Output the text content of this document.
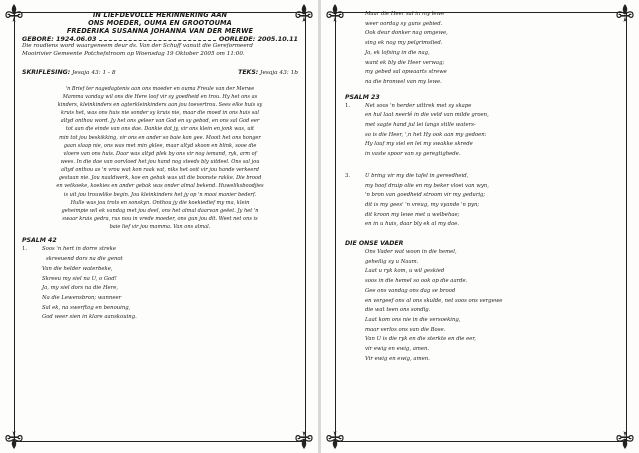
IN LIEFDEVOLLE HERINNERING AAN
ONS MOEDER, OUMA EN GROOTOUMA
FREDERIKA SUSANNA JOHANNA VAN DER MERWE
GEBORE: 1924.06.03	OORLEDE: 2005.10.11
Die roudiens word waargeneem deur ds. Van der Schuff vanuit die Gereformeerd
Mooirivier Gemeente Potchefstroom op Woensdag 19 Oktober 2005 om 11:00.
SKRIFLESING: Jesaja 43: 1 - 8	TEKS: Jesaja 43: 1b

'n Brief ter nagedagtenis aan ons moeder en ouma Freule van der Merwe

Mamma vandag wil ons die Here loof vir sy goedheid en trou. Hy het ons as

kinders, kleinkinders en agterkleinkinders aan jou toevertrou. Sees elke huis sy

kruis het, was ons huis nie sonder sy kruis nie, maar die moed in ons huis sal

altyd onthou word. Jy het ons geleer van God en sy gebod, en ons sal God eer

tot aan die einde van ons dae. Dankie dat jy, vir ons klein en jonk was, uit

min tot jou beskikking, vir ons en ander so baie kon gee. Mooit het ons honger

gaan slaap nie, ons was met min gklee, maar altyd skoon en blink, sooe die

vloere van ons huis. Daar was altyd plek by ons vir nog iemand, ryk, arm of

wees. In die dae van oorvloed het jou hand nog steeds bly uitdeel. Ons sal jou

altyd onthou as 'n vrou wat kon raak vat, niks het ooit vir jou hande verkeerd

gestaan nie. Jou naaldwerk, koe en gebak was uit die boonste rakke. Die brood

en vetkoeke, koekies en ander gebak was onder almal bekend. Huweliksboodjies

is uit jou trouwlike begin. Jou kleinkinders het jy op 'n mooi manier bederf.

Hulle was jou trots en sonskyn. Onthou jy die koekiedief my ma, klein

geheimpie wil ek vandag met jou deel, ons het almal daarvan geëet. Jy het 'n

swaar kruis gedra, rus nou in vrede moeder, ons gun jou dit. Weet net ons is

baie lief vir jou mamma. Van ons almal.

PSALM 42
1.	Soos 'n hert in dorre streke

skreeuend dors na die genot

Van die helder waterbeke,

Skreeu my siel na U, o God!

Ja, my siel dors na die Here,

Na die Lewensbron; wanneer

Sal ek, na swerftog en benouing,

God weer sien in klare aanskouing.

Maar die Heer sal in my lewe

weer oordag sy guns gebied.

Ook deur donker nag omgewe,

sing ek nog my pelgrimslied.

Ja, ek lofsing in die nag,

want ek bly die Heer verwag;

my gebed sal opwaarts strewe

na die bronwel van my lewe.

PSALM 23
1.	Net soos 'n herder uittrek met sy skape

en hul laat neerlê in die veld van milde groen,

met sagte hand jul lei langs stille waters-

so is die Heer, ',n het Hy ook aan my gedoen:

Hy lauf my siel en lei my swakke skrede

in vaste spoor van sy geregtighede.

3.	U bring vir my die tafel in gereedheid,

my hoof druip olie en my beker vloei van wyn,

'n bron van goedheid stroom vir my gedurig;

dit is my gees' 'n vreug, my vyande 'n pyn;

dit kroon my lewe met u welbehae;

en in u huis, daar bly ek al my dae.

DIE ONSE VADER

Ons Vader wat woon in die hemel,

geheilig sy u Naam.

Laat u ryk kom, u wil geskied

soos in die hemel so ook op die aarde.

Gee ons vandag ons dag se brood

en vergeef ons al ons skulde, net soos ons vergewe

die wat teen ons sondig.

Laat kom ons nie in die versoeking,

maar verlos ons van die Bose.

Van U is die ryk en die sterkte en die eer,

vir ewig en ewig, amen.

Vir ewig en ewig, amen.
